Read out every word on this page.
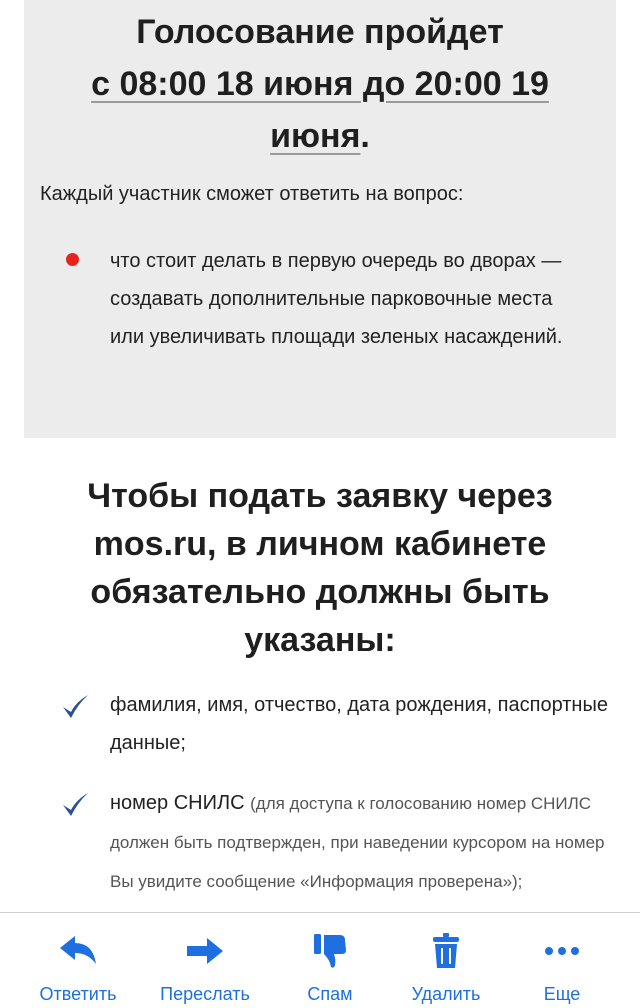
Голосование пройдет
с 08:00 18 июня до 20:00 19
июня.
Каждый участник сможет ответить на вопрос:
что стоит делать в первую очередь во дворах — создавать дополнительные парковочные места или увеличивать площади зеленых насаждений.
Чтобы подать заявку через mos.ru, в личном кабинете обязательно должны быть указаны:
фамилия, имя, отчество, дата рождения, паспортные данные;
номер СНИЛС (для доступа к голосованию номер СНИЛС должен быть подтвержден, при наведении курсором на номер Вы увидите сообщение «Информация проверена»);
Ответить Переслать	Спам	Удалить	Еще
